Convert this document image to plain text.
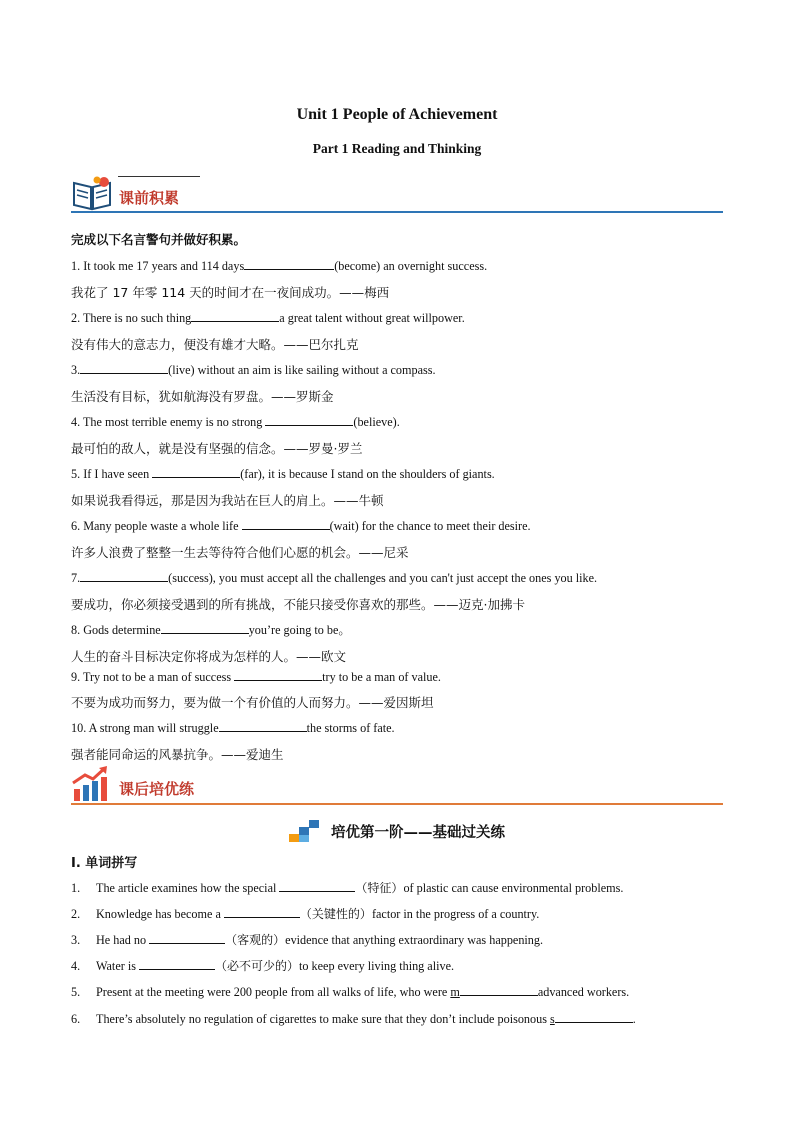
Unit 1 People of Achievement
Part 1 Reading and Thinking
课前积累
完成以下名言警句并做好积累。
1. It took me 17 years and 114 days	(become) an overnight success.
我花了 17 年零 114 天的时间才在一夜间成功。——梅西
2. There is no such thing	a great talent without great willpower.
没有伟大的意志力，便没有雄才大略。——巴尔扎克
3.	(live) without an aim is like sailing without a compass.
生活没有目标，犹如航海没有罗盘。——罗斯金
4. The most terrible enemy is no strong	(believe).
最可怕的敌人，就是没有坚强的信念。——罗曼·罗兰
5. If I have seen	(far), it is because I stand on the shoulders of giants.
如果说我看得远，那是因为我站在巨人的肩上。——牛顿
6. Many people waste a whole life	(wait) for the chance to meet their desire.
许多人浪费了整整一生去等待符合他们心愿的机会。——尼采
7.	(success), you must accept all the challenges and you can't just accept the ones you like.
要成功，你必须接受遇到的所有挑战，不能只接受你喜欢的那些。——迈克·加拂卡
8. Gods determine	you’re going to be。
人生的奋斗目标决定你将成为怎样的人。——欧文
9. Try not to be a man of success	try to be a man of value.
不要为成功而努力，要为做一个有价值的人而努力。——爱因斯坦
10. A strong man will struggle	the storms of fate.
强者能同命运的风暴抗争。——爱迪生
课后培优练
培优第一阶——基础过关练
I. 单词拼写
1. The article examines how the special	（特征）of plastic can cause environmental problems.
2. Knowledge has become a	（关键性的）factor in the progress of a country.
3. He had no	（客观的）evidence that anything extraordinary was happening.
4. Water is	（必不可少的）to keep every living thing alive.
5. Present at the meeting were 200 people from all walks of life, who were m	advanced workers.
6. There’s absolutely no regulation of cigarettes to make sure that they don’t include poisonous s	.
